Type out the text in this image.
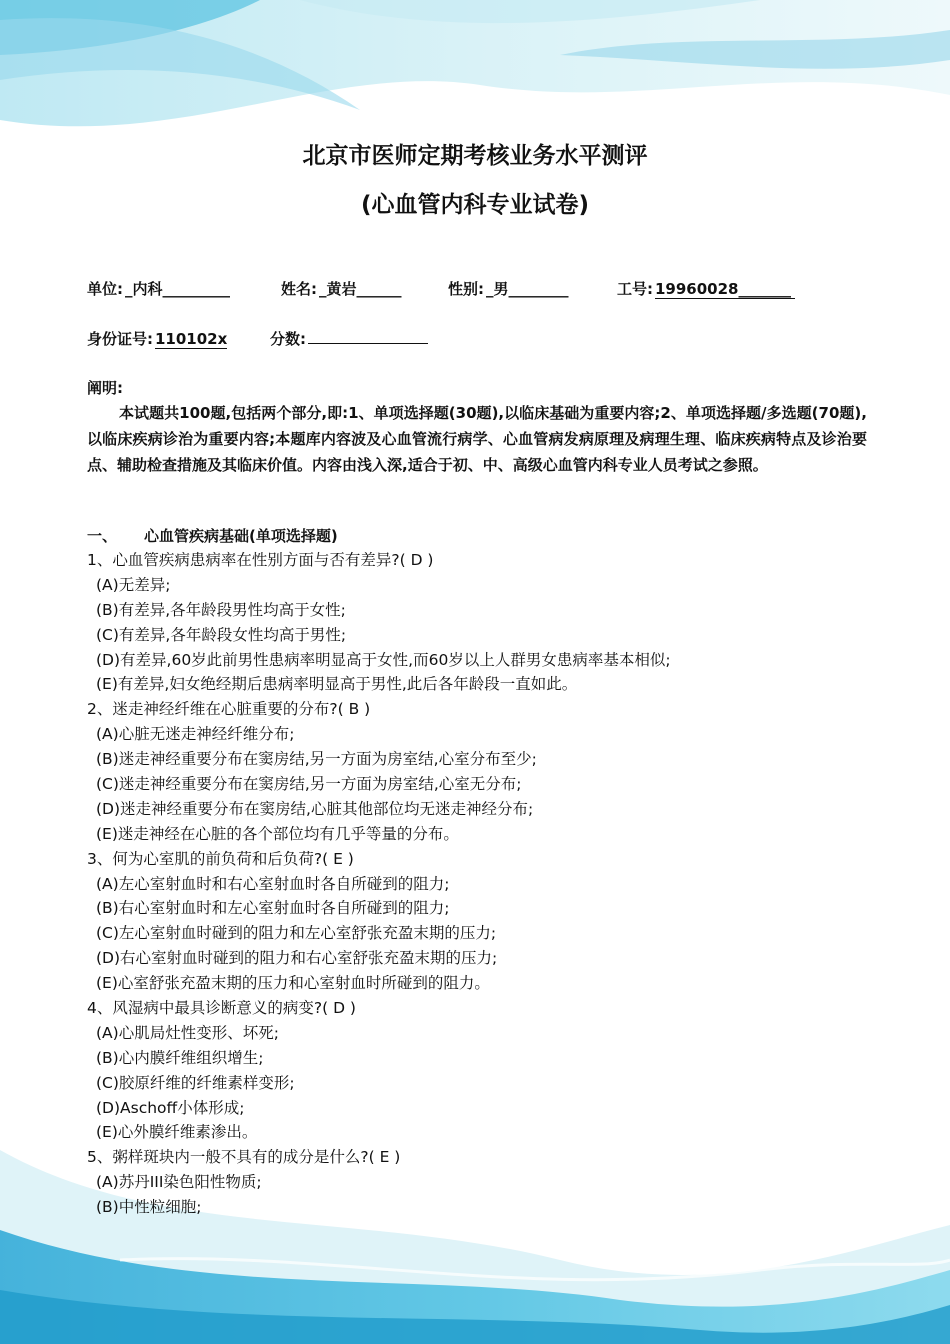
北京市医师定期考核业务水平测评
(心血管内科专业试卷)
单位: _内科_________	姓名: _黄岩______	性别: _男________	工号: 19960028_______
身份证号: 110102x	分数:
阐明:
本试题共100题,包括两个部分,即:1、单项选择题(30题),以临床基础为重要内容;2、单项选择题/多选题(70题),以临床疾病诊治为重要内容;本题库内容波及心血管流行病学、心血管病发病原理及病理生理、临床疾病特点及诊治要点、辅助检查措施及其临床价值。内容由浅入深,适合于初、中、高级心血管内科专业人员考试之参照。
一、 心血管疾病基础(单项选择题)
1、心血管疾病患病率在性别方面与否有差异?( D )
(A)无差异;
(B)有差异,各年龄段男性均高于女性;
(C)有差异,各年龄段女性均高于男性;
(D)有差异,60岁此前男性患病率明显高于女性,而60岁以上人群男女患病率基本相似;
(E)有差异,妇女绝经期后患病率明显高于男性,此后各年龄段一直如此。
2、迷走神经纤维在心脏重要的分布?( B )
(A)心脏无迷走神经纤维分布;
(B)迷走神经重要分布在窦房结,另一方面为房室结,心室分布至少;
(C)迷走神经重要分布在窦房结,另一方面为房室结,心室无分布;
(D)迷走神经重要分布在窦房结,心脏其他部位均无迷走神经分布;
(E)迷走神经在心脏的各个部位均有几乎等量的分布。
3、何为心室肌的前负荷和后负荷?( E )
(A)左心室射血时和右心室射血时各自所碰到的阻力;
(B)右心室射血时和左心室射血时各自所碰到的阻力;
(C)左心室射血时碰到的阻力和左心室舒张充盈末期的压力;
(D)右心室射血时碰到的阻力和右心室舒张充盈末期的压力;
(E)心室舒张充盈末期的压力和心室射血时所碰到的阻力。
4、风湿病中最具诊断意义的病变?( D )
(A)心肌局灶性变形、坏死;
(B)心内膜纤维组织增生;
(C)胶原纤维的纤维素样变形;
(D)Aschoff小体形成;
(E)心外膜纤维素渗出。
5、粥样斑块内一般不具有的成分是什么?( E )
(A)苏丹III染色阳性物质;
(B)中性粒细胞;
